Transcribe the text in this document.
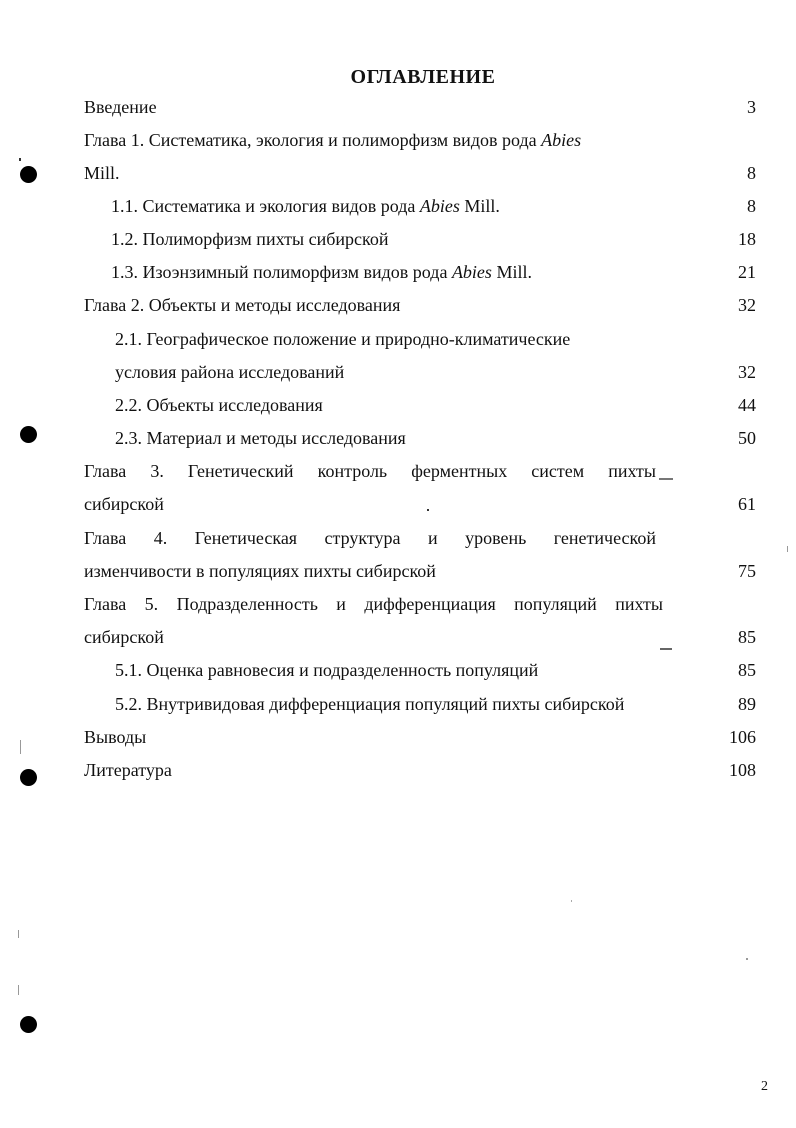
ОГЛАВЛЕНИЕ
Введение	3
Глава 1. Систематика, экология и полиморфизм видов рода Abies
Mill.	8
1.1. Систематика и экология видов рода Abies Mill.	8
1.2. Полиморфизм пихты сибирской	18
1.3. Изоэнзимный полиморфизм видов рода Abies Mill.	21
Глава 2. Объекты и методы исследования	32
2.1. Географическое положение и природно-климатические
условия района исследований	32
2.2. Объекты исследования	44
2.3. Материал и методы исследования	50
Глава 3. Генетический контроль ферментных систем пихты
сибирской	61
Глава 4. Генетическая структура и уровень генетической
изменчивости в популяциях пихты сибирской	75
Глава 5. Подразделенность и дифференциация популяций пихты
сибирской	85
5.1. Оценка равновесия и подразделенность популяций	85
5.2. Внутривидовая дифференциация популяций пихты сибирской	89
Выводы	106
Литература	108
2
